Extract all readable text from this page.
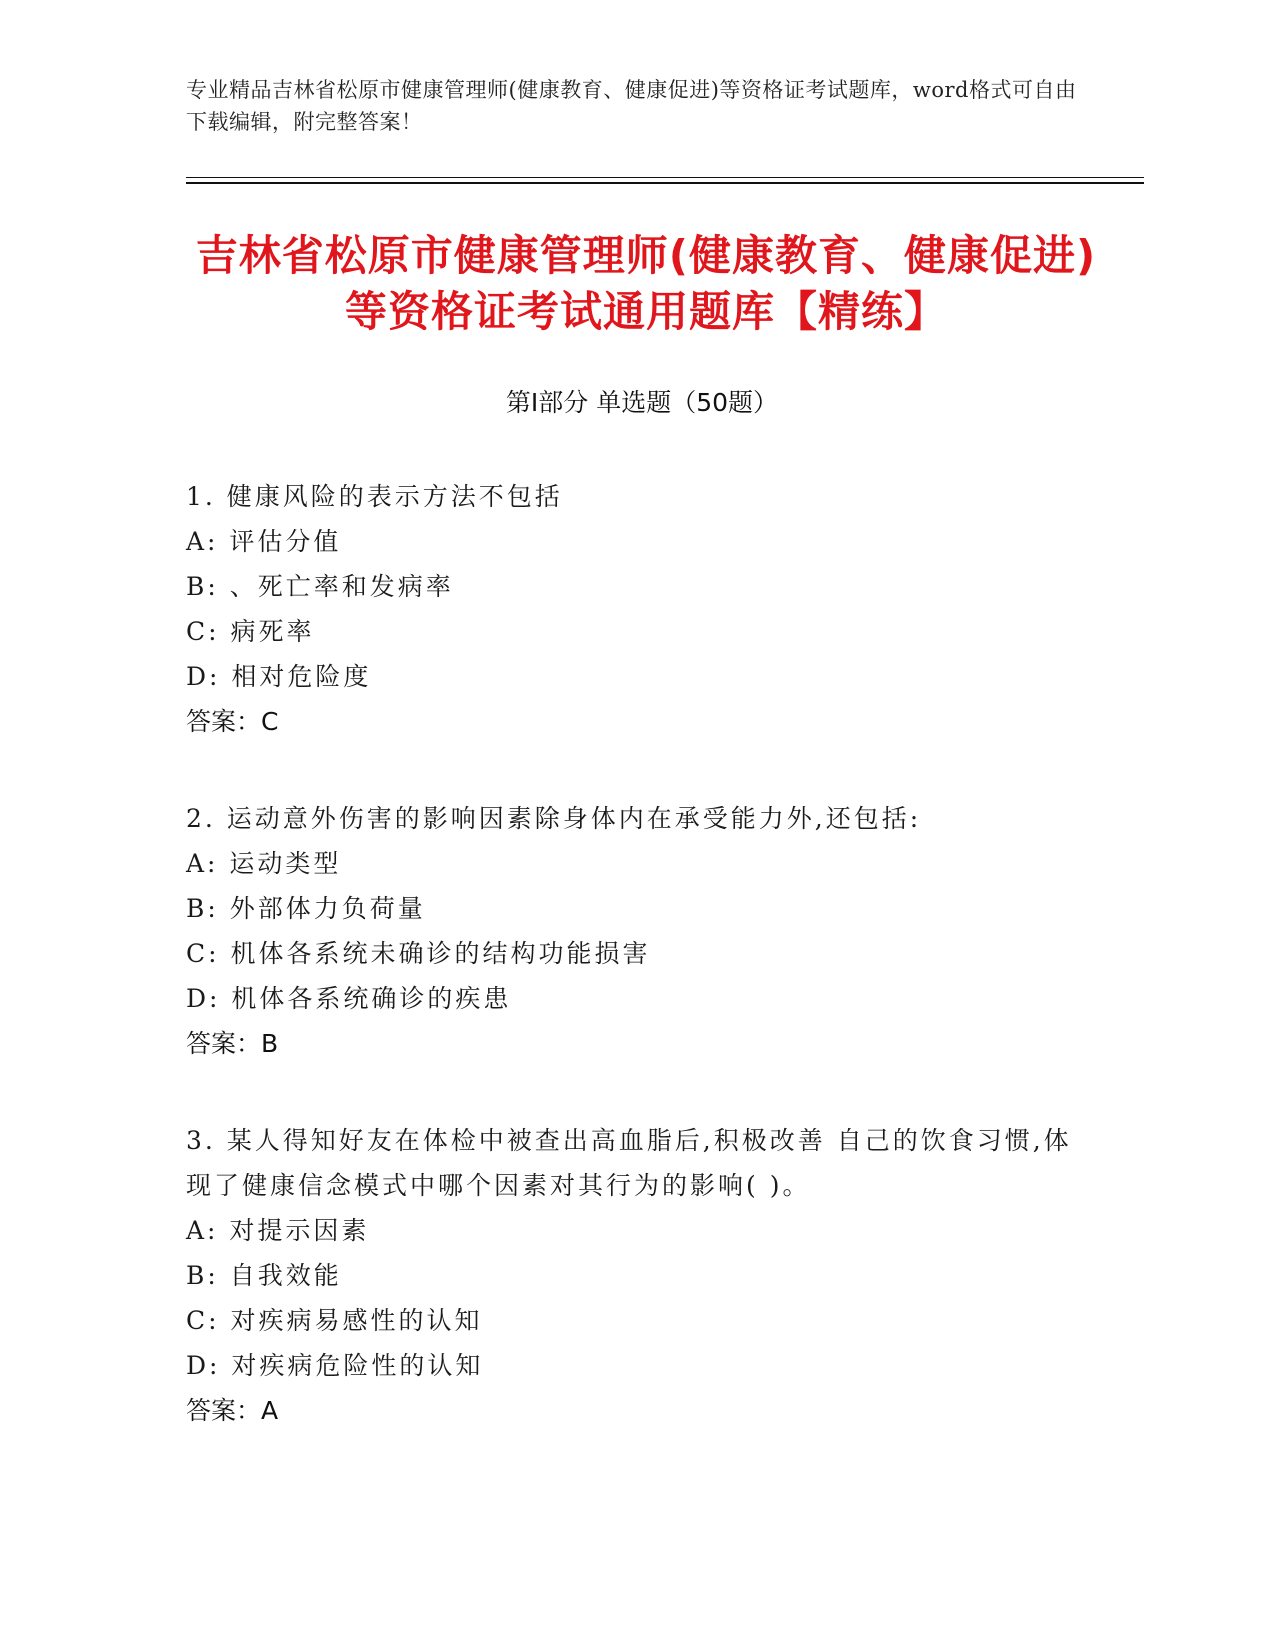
专业精品吉林省松原市健康管理师(健康教育、健康促进)等资格证考试题库，word格式可自由下载编辑，附完整答案！
吉林省松原市健康管理师(健康教育、健康促进)等资格证考试通用题库【精练】
第Ⅰ部分 单选题（50题）

1. 健康风险的表示方法不包括

A: 评估分值

B: 、死亡率和发病率

C: 病死率

D: 相对危险度

答案：C

2. 运动意外伤害的影响因素除身体内在承受能力外,还包括:

A: 运动类型

B: 外部体力负荷量

C: 机体各系统未确诊的结构功能损害

D: 机体各系统确诊的疾患

答案：B

3. 某人得知好友在体检中被查出高血脂后,积极改善 自己的饮食习惯,体现了健康信念模式中哪个因素对其行为的影响( )。

A: 对提示因素

B: 自我效能

C: 对疾病易感性的认知

D: 对疾病危险性的认知

答案：A
